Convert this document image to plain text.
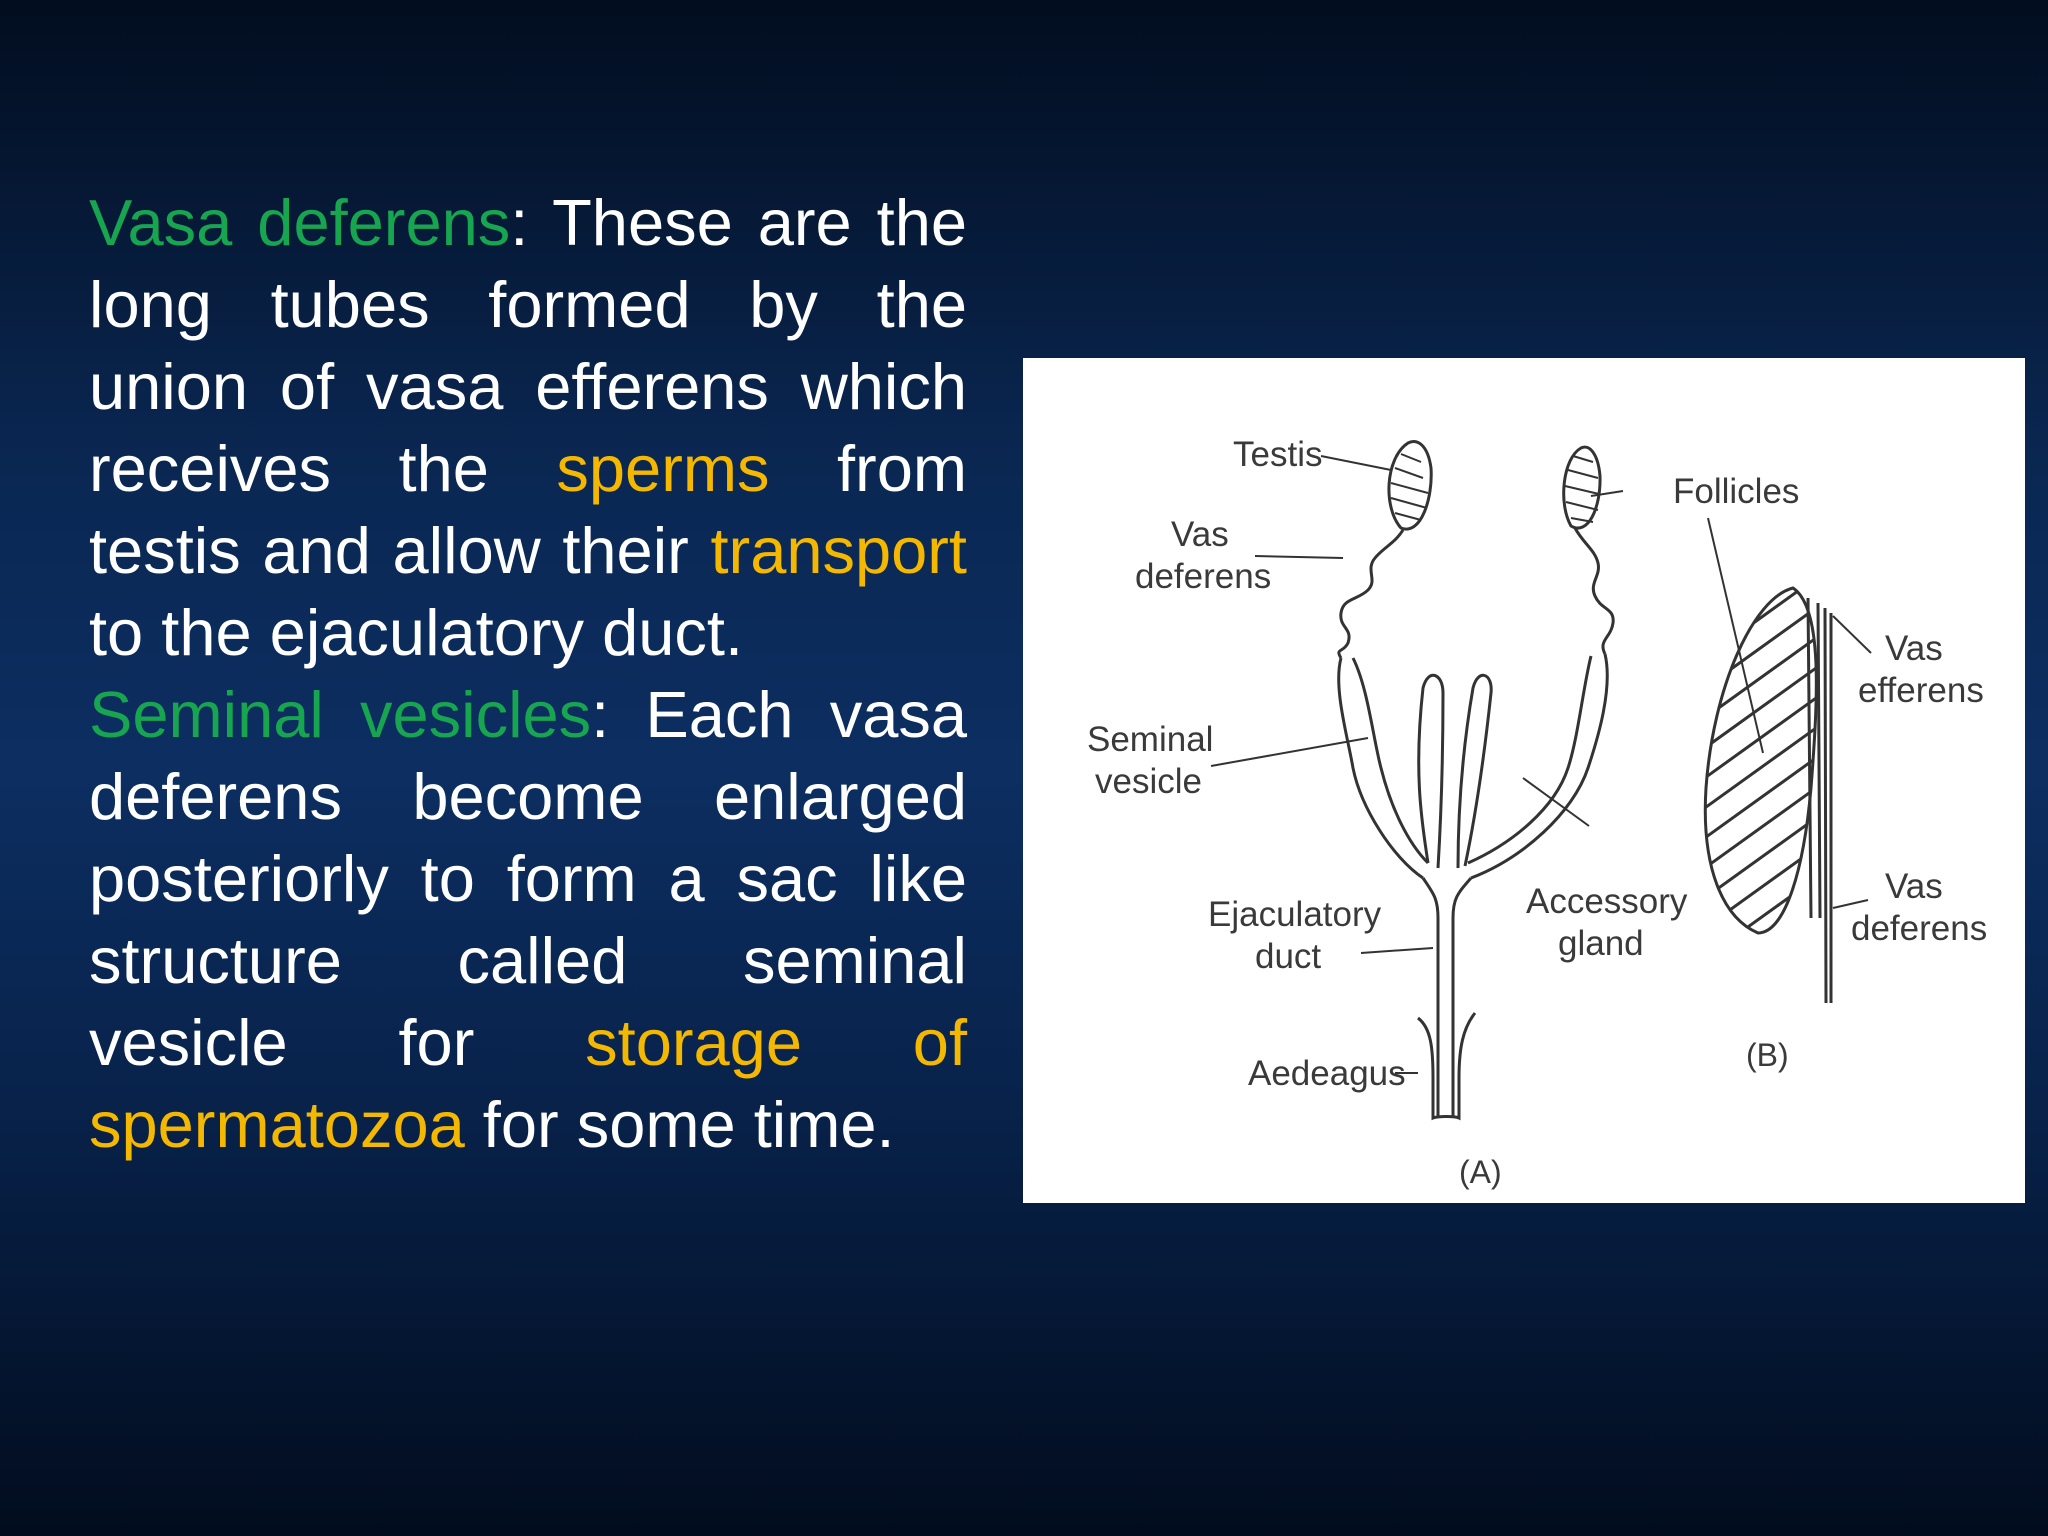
Vasa deferens: These are the long tubes formed by the union of vasa efferens which receives the sperms from testis and allow their transport to the ejaculatory duct.

Seminal vesicles: Each vasa deferens become enlarged posteriorly to form a sac like structure called seminal vesicle for storage of spermatozoa for some time.

Testis
Vas
deferens
Seminal
vesicle
Ejaculatory
duct
Aedeagus
Accessory
gland
Follicles
Vas
efferens
Vas
deferens
(A)
(B)
